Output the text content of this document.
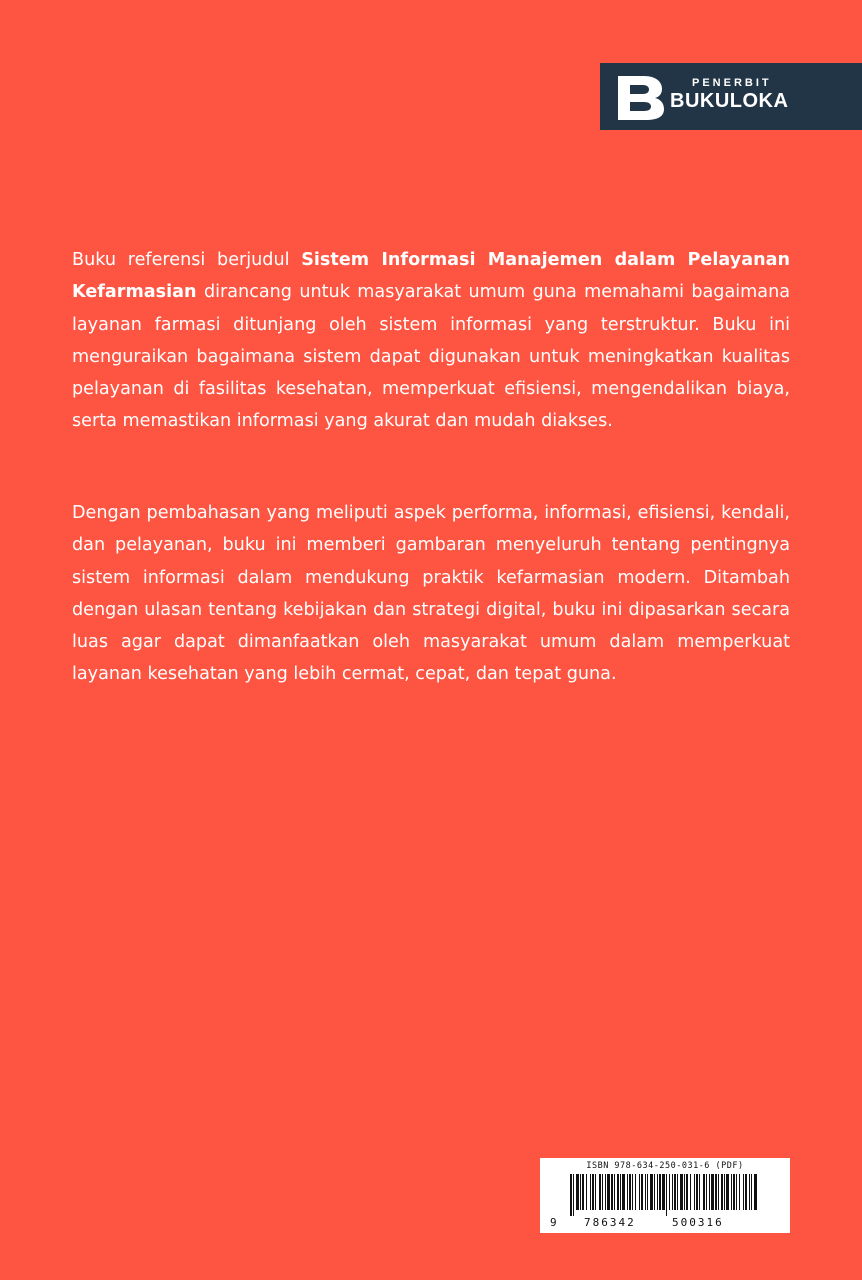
PENERBIT
BUKULOKA

Buku referensi berjudul Sistem Informasi Manajemen dalam Pelayanan Kefarmasian dirancang untuk masyarakat umum guna memahami bagaimana layanan farmasi ditunjang oleh sistem informasi yang terstruktur. Buku ini menguraikan bagaimana sistem dapat digunakan untuk meningkatkan kualitas pelayanan di fasilitas kesehatan, memperkuat efisiensi, mengendalikan biaya, serta memastikan informasi yang akurat dan mudah diakses.

Dengan pembahasan yang meliputi aspek performa, informasi, efisiensi, kendali, dan pelayanan, buku ini memberi gambaran menyeluruh tentang pentingnya sistem informasi dalam mendukung praktik kefarmasian modern. Ditambah dengan ulasan tentang kebijakan dan strategi digital, buku ini dipasarkan secara luas agar dapat dimanfaatkan oleh masyarakat umum dalam memperkuat layanan kesehatan yang lebih cermat, cepat, dan tepat guna.

ISBN 978-634-250-031-6 (PDF)
9 786342	500316
